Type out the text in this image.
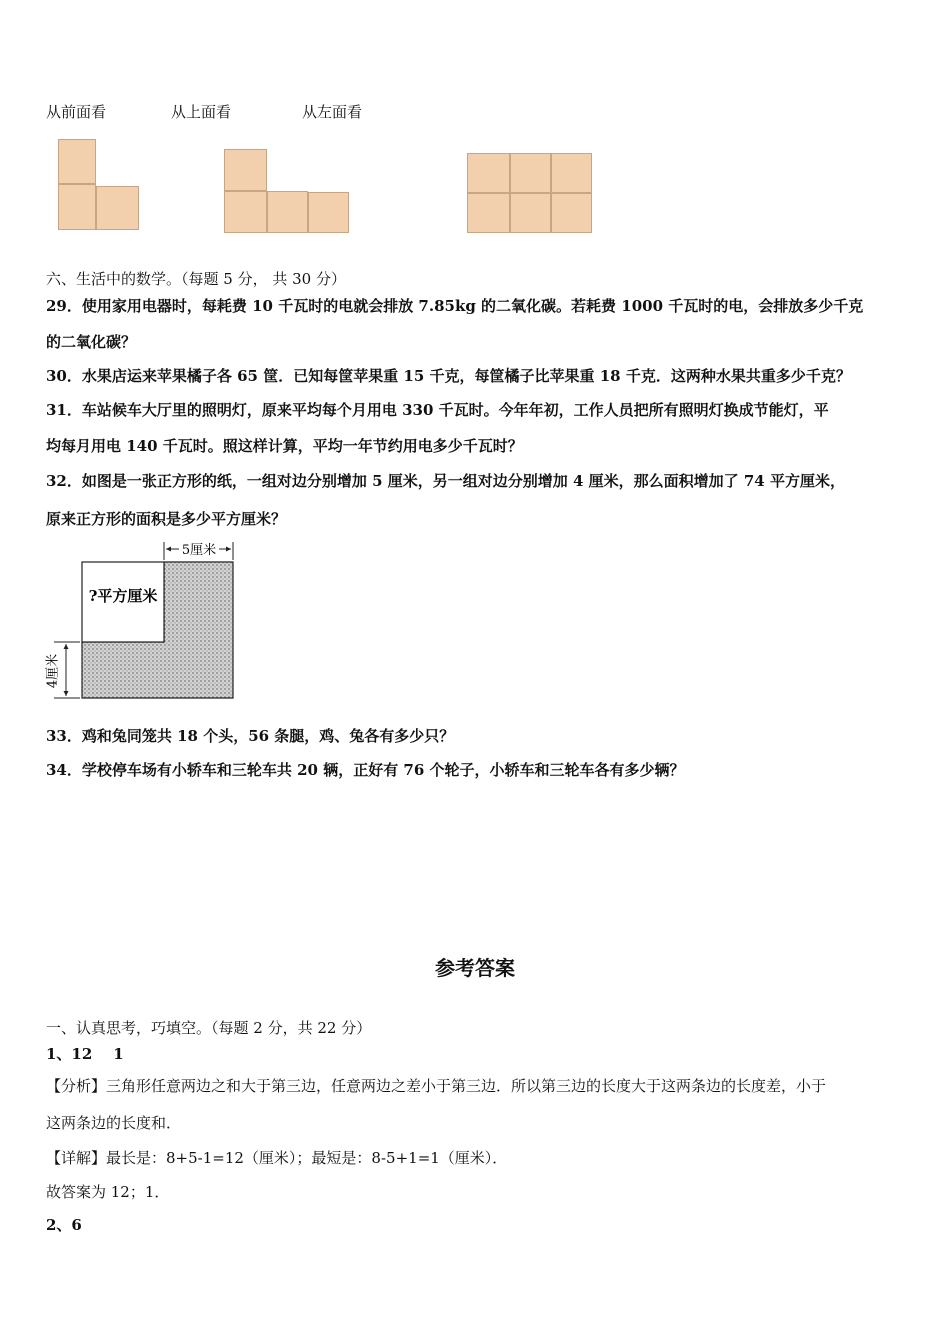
从前面看	从上面看	从左面看
六、生活中的数学。（每题 5 分， 共 30 分）
29．使用家用电器时，每耗费 10 千瓦时的电就会排放 7.85kg 的二氧化碳。若耗费 1000 千瓦时的电，会排放多少千克
的二氧化碳？
30．水果店运来苹果橘子各 65 筐．已知每筐苹果重 15 千克，每筐橘子比苹果重 18 千克．这两种水果共重多少千克？
31．车站候车大厅里的照明灯，原来平均每个月用电 330 千瓦时。今年年初，工作人员把所有照明灯换成节能灯，平
均每月用电 140 千瓦时。照这样计算，平均一年节约用电多少千瓦时？
32．如图是一张正方形的纸，一组对边分别增加 5 厘米，另一组对边分别增加 4 厘米，那么面积增加了 74 平方厘米，
原来正方形的面积是多少平方厘米？
5厘米
4厘米
?平方厘米
33．鸡和兔同笼共 18 个头，56 条腿，鸡、兔各有多少只？
34．学校停车场有小轿车和三轮车共 20 辆，正好有 76 个轮子，小轿车和三轮车各有多少辆？
参考答案
一、认真思考，巧填空。（每题 2 分，共 22 分）
1、12    1
【分析】三角形任意两边之和大于第三边，任意两边之差小于第三边．所以第三边的长度大于这两条边的长度差，小于
这两条边的长度和．
【详解】最长是：8+5-1=12（厘米）；最短是：8-5+1=1（厘米）．
故答案为 12；1．
2、6
